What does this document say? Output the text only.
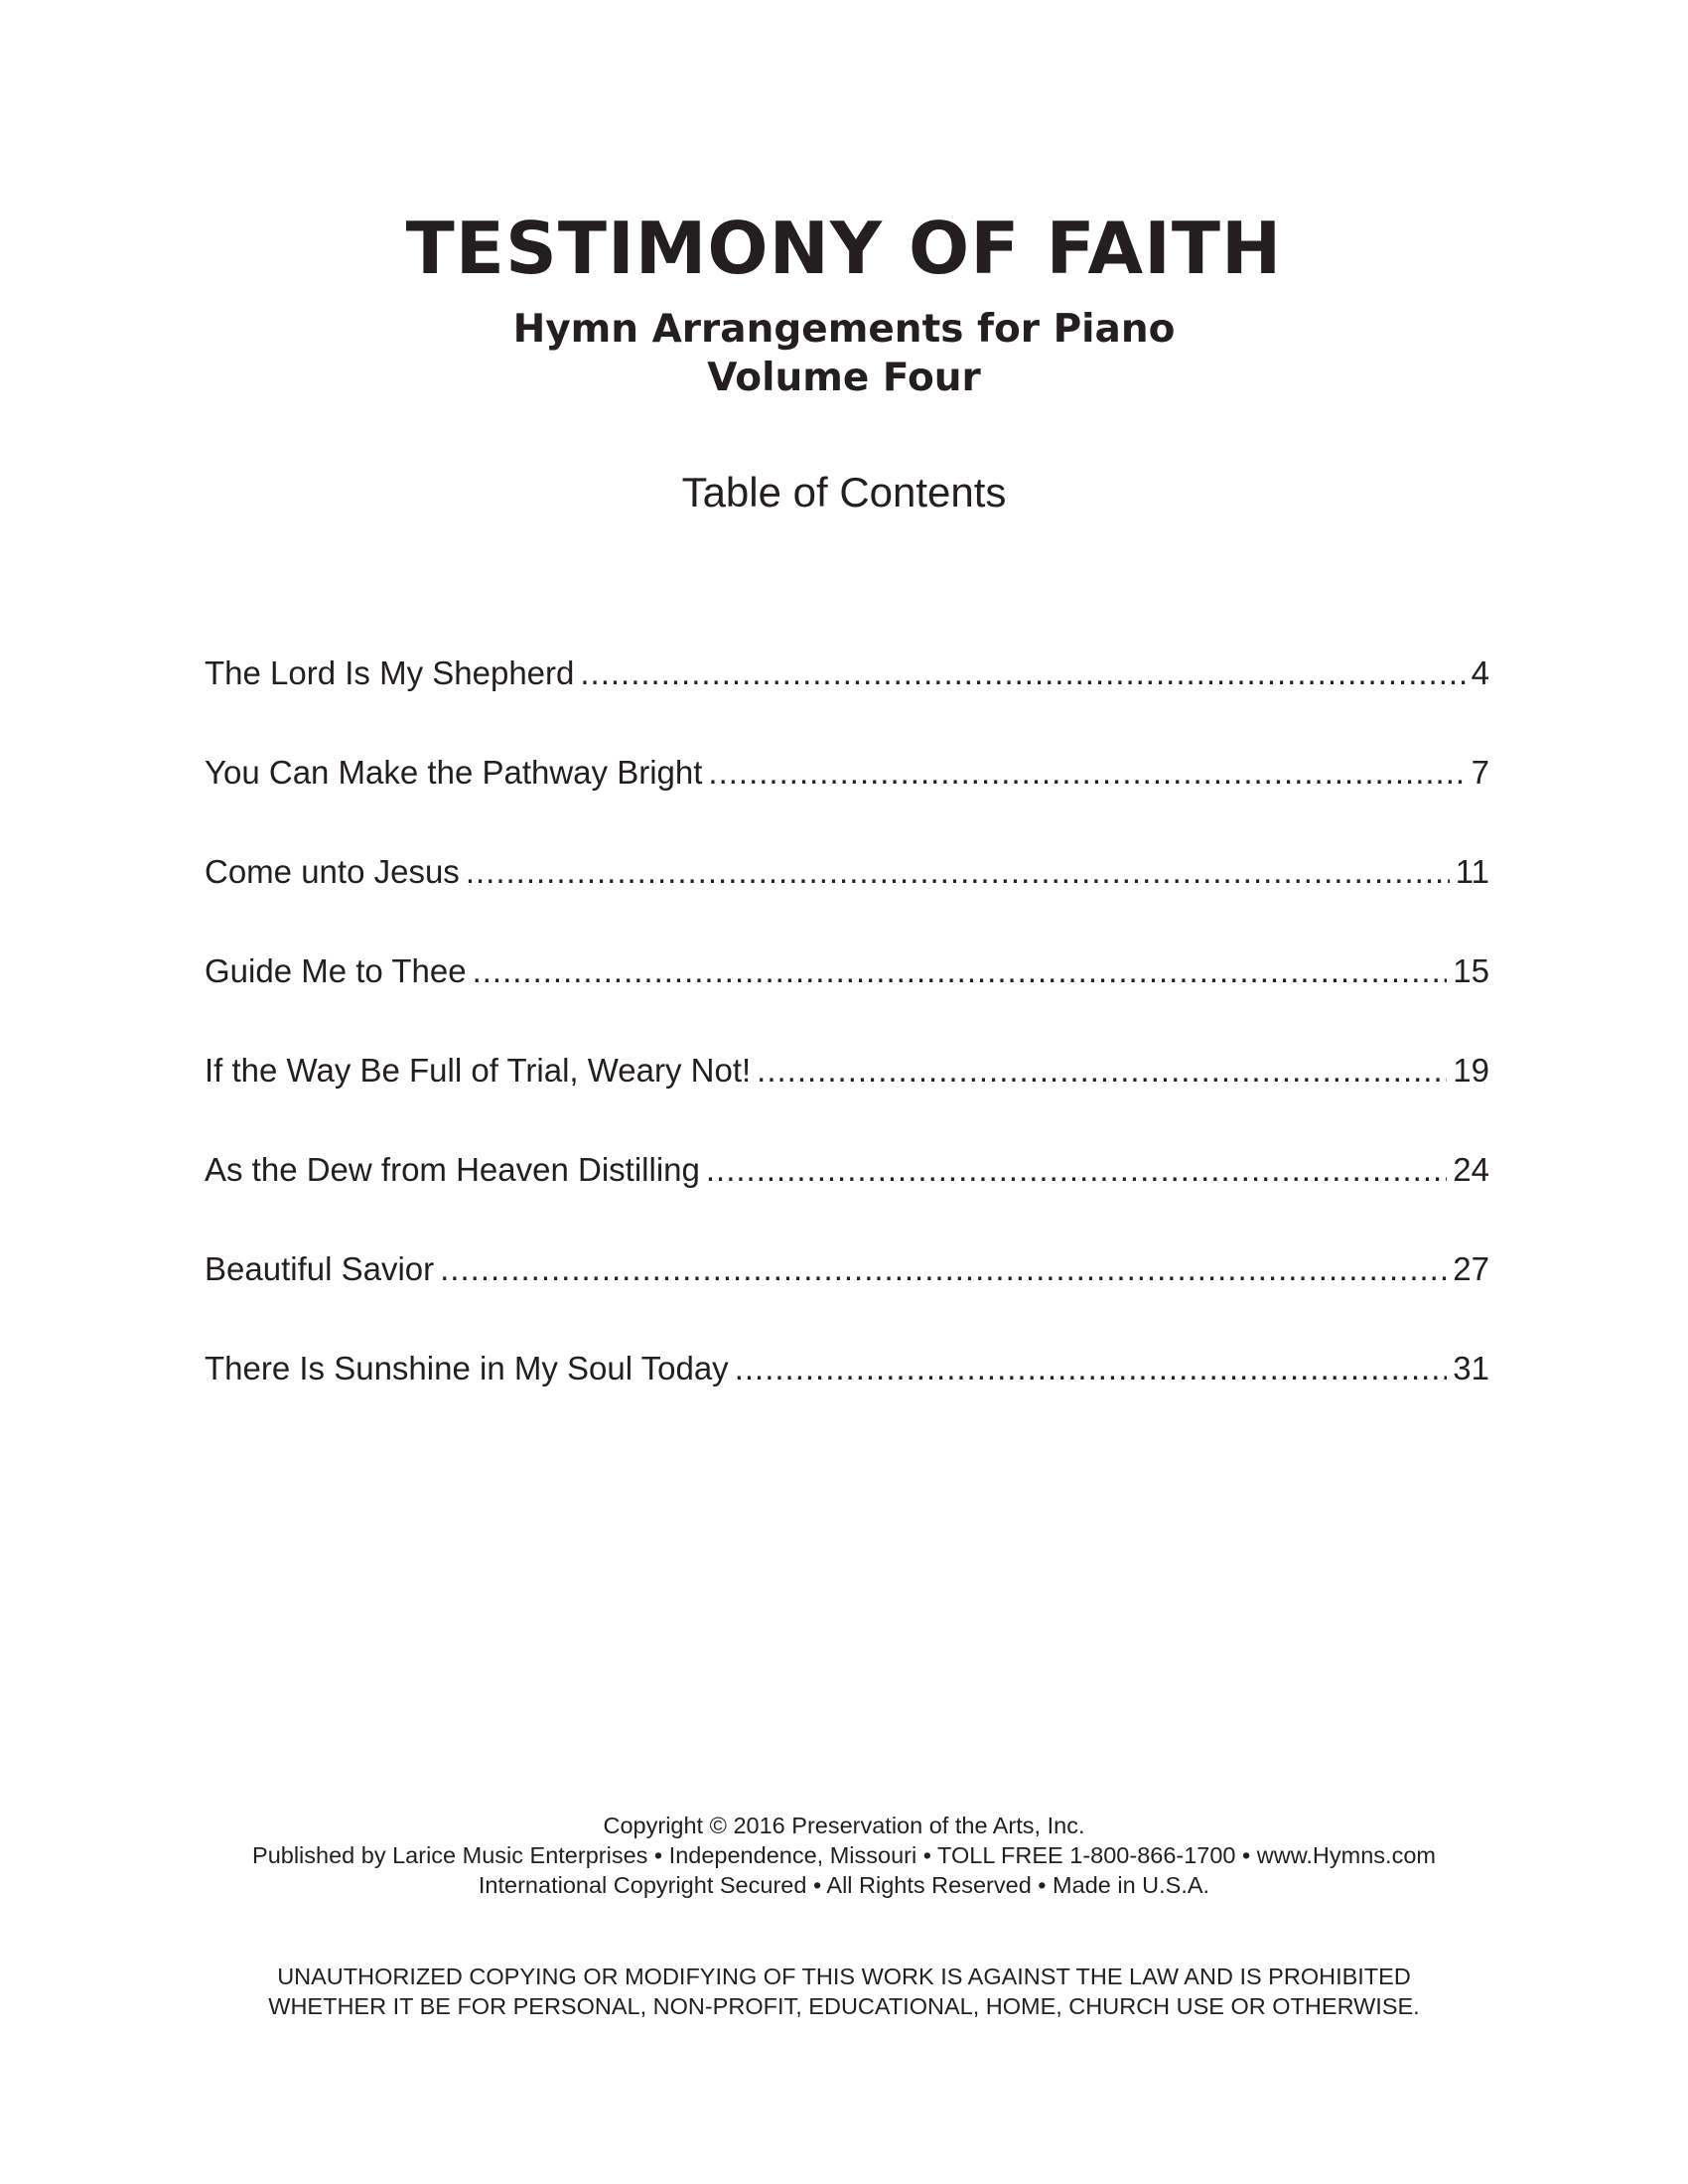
TESTIMONY OF FAITH
Hymn Arrangements for Piano
Volume Four
Table of Contents
The Lord Is My Shepherd .....	4
You Can Make the Pathway Bright .....	7
Come unto Jesus .....	11
Guide Me to Thee .....	15
If the Way Be Full of Trial, Weary Not! .....	19
As the Dew from Heaven Distilling .....	24
Beautiful Savior .....	27
There Is Sunshine in My Soul Today .....	31
Copyright © 2016 Preservation of the Arts, Inc.
Published by Larice Music Enterprises • Independence, Missouri • TOLL FREE 1-800-866-1700 • www.Hymns.com
International Copyright Secured • All Rights Reserved • Made in U.S.A.
UNAUTHORIZED COPYING OR MODIFYING OF THIS WORK IS AGAINST THE LAW AND IS PROHIBITED
WHETHER IT BE FOR PERSONAL, NON-PROFIT, EDUCATIONAL, HOME, CHURCH USE OR OTHERWISE.
